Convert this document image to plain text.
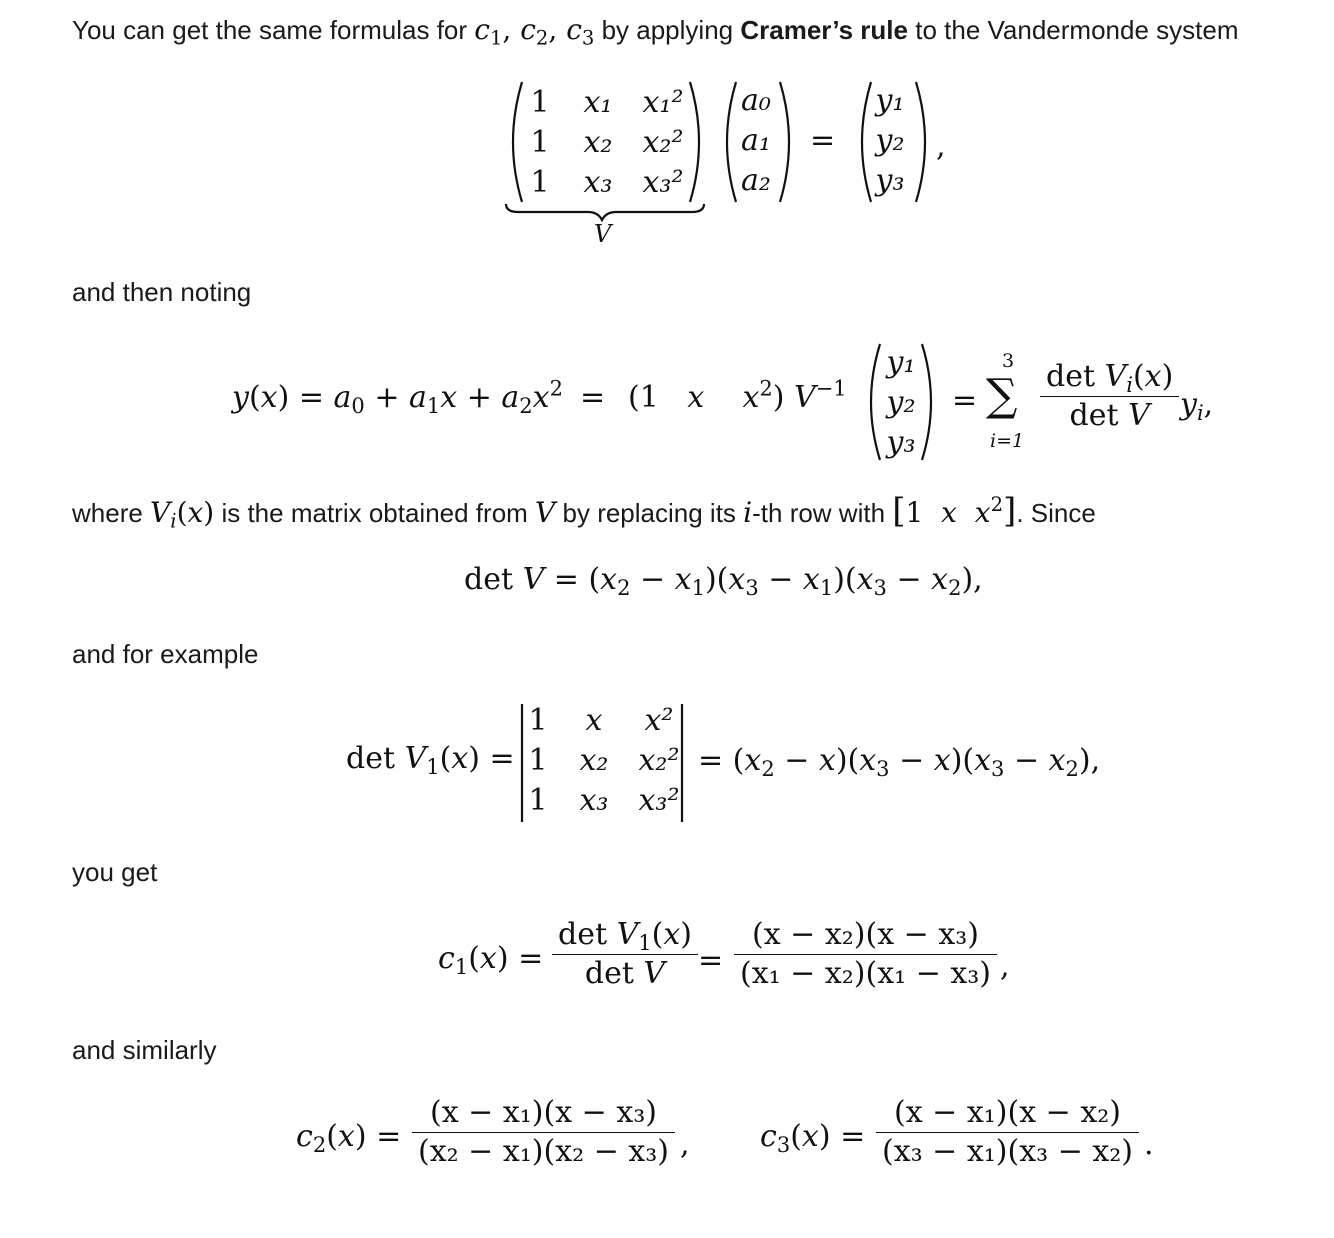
You can get the same formulas for $c_1$, $c_2$, $c_3$ by applying Cramer’s rule to the Vandermonde system
1
1
1
x₁
x₂
x₃
x₁²
x₂²
x₃²
a₀
a₁
a₂
=
y₁
y₂
y₃
,
V
and then noting
$y(x) = a_0 + a_1x + a_2x^2 = (1$   x $x^2$) $V^{-1}$
y₁
y₂
y₃
=
3
∑
i=1
$\frac{\det V_i(x)}{\text{det V}} y_i$,
where $V_i(x)$ is the matrix obtained from V by replacing its i-th row with [1  x $x^2$]. Since
$\det V = (x_2 - x_1)(x_3 - x_1)(x_3 - x_2)$,
and for example
$\det V_1(x)$ =
1
1
1
x
x₂
x₃
x²
x₂²
x₃²
= $(x_2 - x)(x_3 - x)(x_3 - x_2)$,
you get
$c_1(x) = \frac{\det V_1(x)}{\text{det V}} = \frac{\text{(x − x₂)(x − x₃)}}{\text{(x₁ − x₂)(x₁ − x₃)}}$ ,
and similarly
$c_2(x) = \frac{\text{(x − x₁)(x − x₃)}}{\text{(x₂ − x₁)(x₂ − x₃)}}$ , $c_3(x) = \frac{\text{(x − x₁)(x − x₂)}}{\text{(x₃ − x₁)(x₃ − x₂)}}$ .
